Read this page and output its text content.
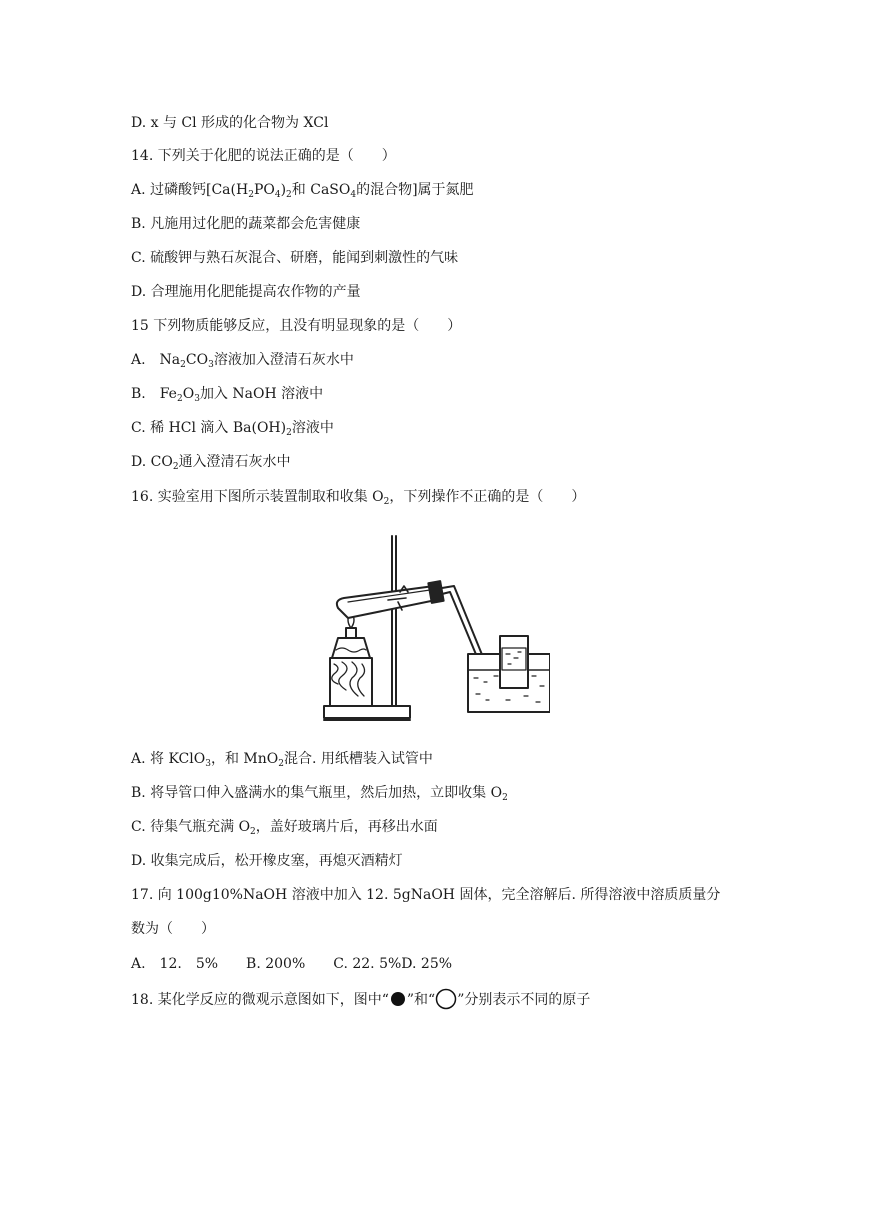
D. x 与 Cl 形成的化合物为 XCl
14. 下列关于化肥的说法正确的是（　　）
A. 过磷酸钙[$Ca(H_2PO_4)_2$和 CaSO$_4$的混合物]属于氮肥
B. 凡施用过化肥的蔬菜都会危害健康
C. 硫酸钾与熟石灰混合、研磨，能闻到刺激性的气味
D. 合理施用化肥能提高农作物的产量
15 下列物质能够反应，且没有明显现象的是（　　）
A.　$Na_2CO_3$溶液加入澄清石灰水中
B.　$Fe_2O_3$加入 NaOH 溶液中
C. 稀 HCl 滴入 $Ba(OH)_2$溶液中
D. $CO_2$通入澄清石灰水中
16. 实验室用下图所示装置制取和收集 $O_2$，下列操作不正确的是（　　）
A. 将 KClO$_3$，和 MnO$_2$混合. 用纸槽装入试管中
B. 将导管口伸入盛满水的集气瓶里，然后加热，立即收集 $O_2$
C. 待集气瓶充满 $O_2$，盖好玻璃片后，再移出水面
D. 收集完成后，松开橡皮塞，再熄灭酒精灯
17. 向 100g10%NaOH 溶液中加入 12. 5gNaOH 固体，完全溶解后. 所得溶液中溶质质量分
数为（　　）
A.　12.　5%　　B. 200%　　C. 22. 5%D. 25%
18. 某化学反应的微观示意图如下，图中“ ”和“ ”分别表示不同的原子
